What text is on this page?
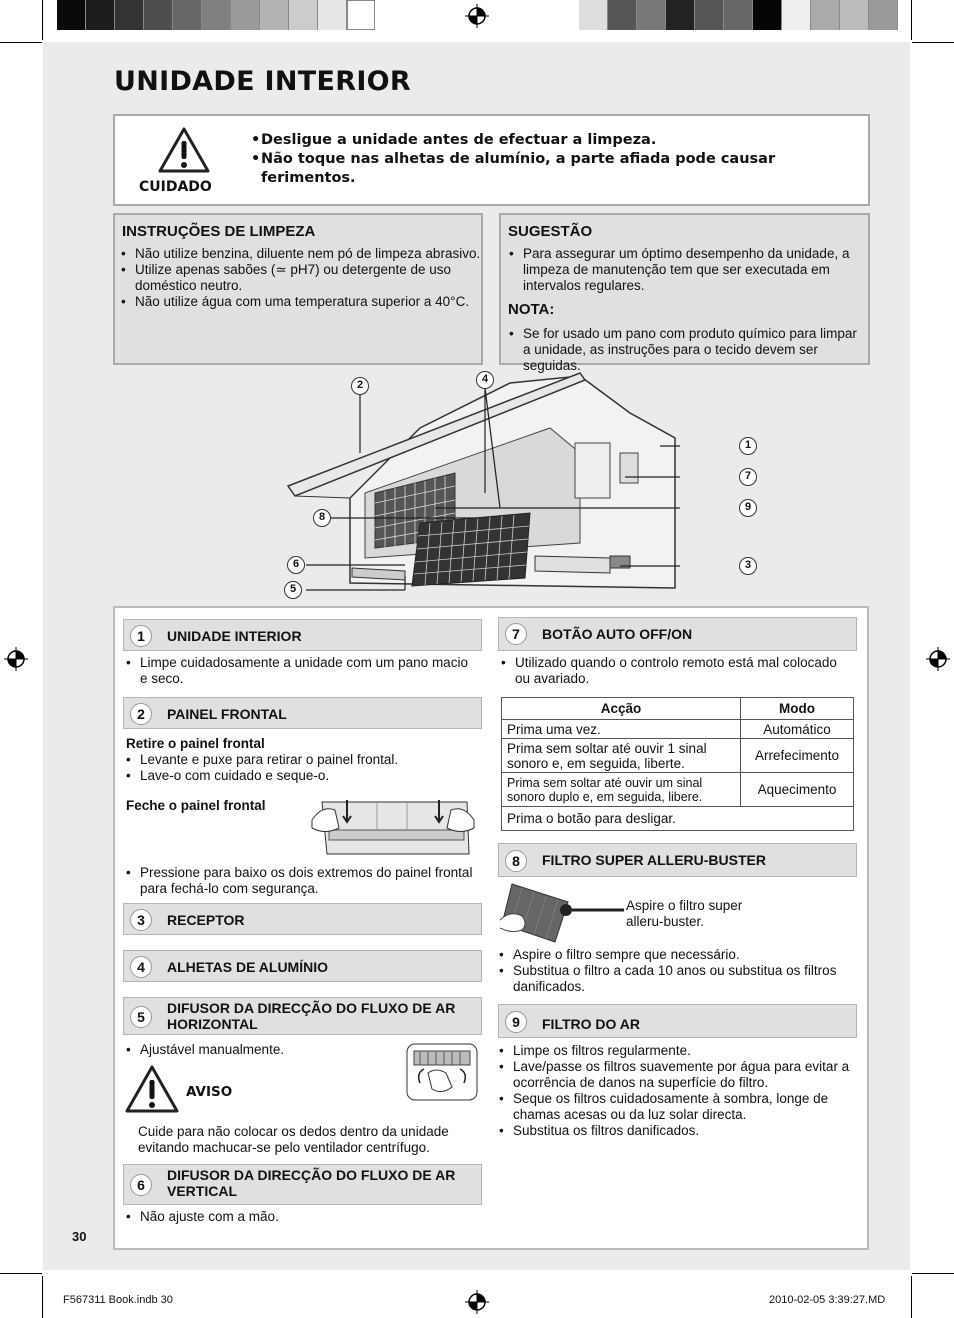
UNIDADE INTERIOR
CUIDADO
• Desligue a unidade antes de efectuar a limpeza.
• Não toque nas alhetas de alumínio, a parte afiada pode causar ferimentos.
INSTRUÇÕES DE LIMPEZA
• Não utilize benzina, diluente nem pó de limpeza abrasivo.
• Utilize apenas sabões (≃ pH7) ou detergente de uso doméstico neutro.
• Não utilize água com uma temperatura superior a 40°C.
SUGESTÃO
• Para assegurar um óptimo desempenho da unidade, a limpeza de manutenção tem que ser executada em intervalos regulares.
NOTA:
• Se for usado um pano com produto químico para limpar a unidade, as instruções para o tecido devem ser seguidas.
2	4
1
7
9
8
6	3
5
1	UNIDADE INTERIOR
• Limpe cuidadosamente a unidade com um pano macio e seco.
2	PAINEL FRONTAL
Retire o painel frontal
• Levante e puxe para retirar o painel frontal.
• Lave-o com cuidado e seque-o.
Feche o painel frontal
• Pressione para baixo os dois extremos do painel frontal para fechá-lo com segurança.
3	RECEPTOR
4	ALHETAS DE ALUMÍNIO
5
DIFUSOR DA DIRECÇÃO DO FLUXO DE AR HORIZONTAL
• Ajustável manualmente.
AVISO
Cuide para não colocar os dedos dentro da unidade evitando machucar-se pelo ventilador centrífugo.
6
DIFUSOR DA DIRECÇÃO DO FLUXO DE AR VERTICAL
• Não ajuste com a mão.
7	BOTÃO AUTO OFF/ON
• Utilizado quando o controlo remoto está mal colocado ou avariado.
Acção	Modo
Prima uma vez.	Automático
Prima sem soltar até ouvir 1 sinal sonoro e, em seguida, liberte.	Arrefecimento
Prima sem soltar até ouvir um sinal sonoro duplo e, em seguida, libere.	Aquecimento
Prima o botão para desligar.	
8	FILTRO SUPER ALLERU-BUSTER
Aspire o filtro super alleru-buster.
• Aspire o filtro sempre que necessário.
• Substitua o filtro a cada 10 anos ou substitua os filtros danificados.
9	FILTRO DO AR
• Limpe os filtros regularmente.
• Lave/passe os filtros suavemente por água para evitar a ocorrência de danos na superfície do filtro.
• Seque os filtros cuidadosamente à sombra, longe de chamas acesas ou da luz solar directa.
• Substitua os filtros danificados.
30
F567311 Book.indb 30	2010-02-05 3:39:27.MD
